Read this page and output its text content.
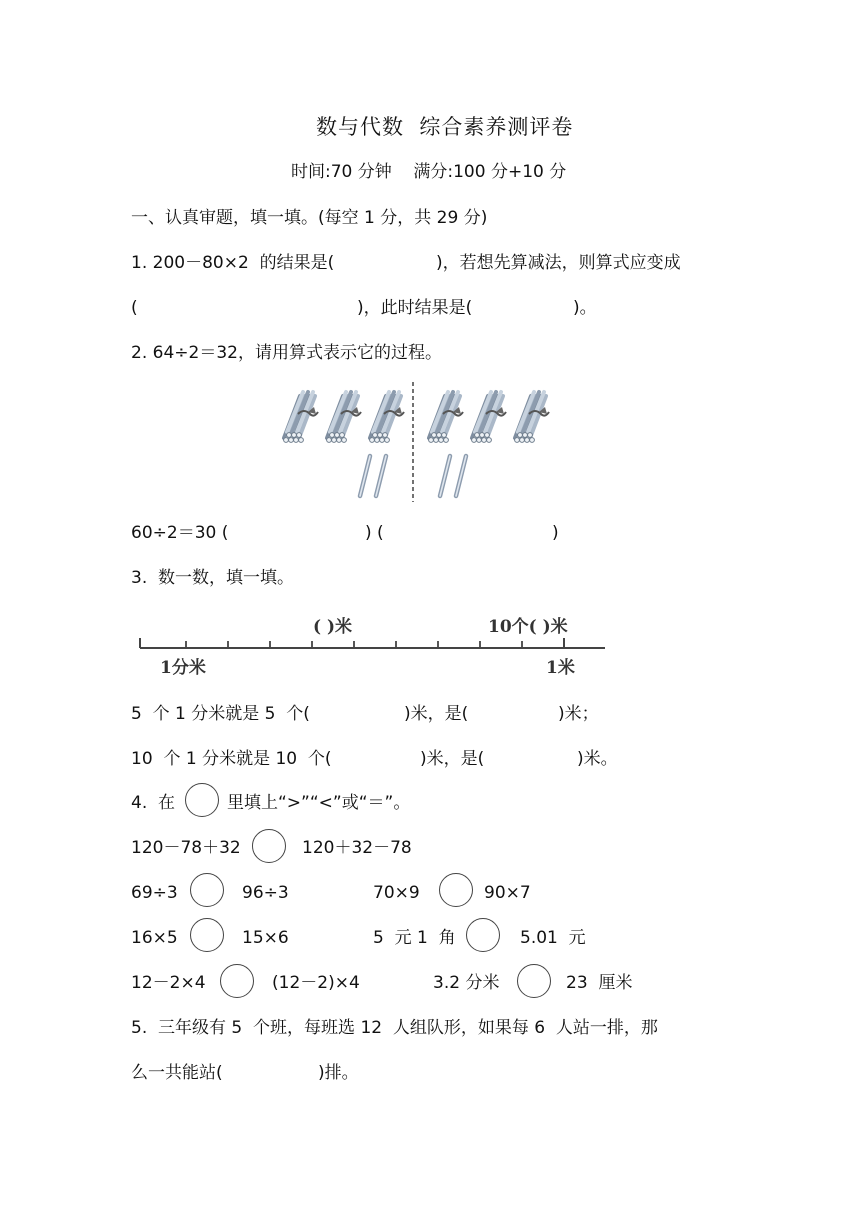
数与代数  综合素养测评卷
时间:70 分钟    满分:100 分+10 分
一、认真审题，填一填。(每空 1 分，共 29 分)
1. 200－80×2  的结果是(	)，若想先算减法，则算式应变成
(	)，此时结果是(	)。
2. 64÷2＝32，请用算式表示它的过程。
60÷2＝30 (	) (	)
3.  数一数，填一填。
( )米	10个( )米
1分米	1米
5  个 1 分米就是 5  个(	)米，是(	)米；
10  个 1 分米就是 10  个(	)米，是(	)米。
4.  在	里填上“>”“<”或“＝”。
120－78＋32	120＋32－78
69÷3	96÷3	70×9	90×7
16×5	15×6	5  元 1  角	5.01  元
12－2×4	(12－2)×4	3.2 分米	23  厘米
5.  三年级有 5  个班，每班选 12  人组队形，如果每 6  人站一排，那
么一共能站(	)排。
